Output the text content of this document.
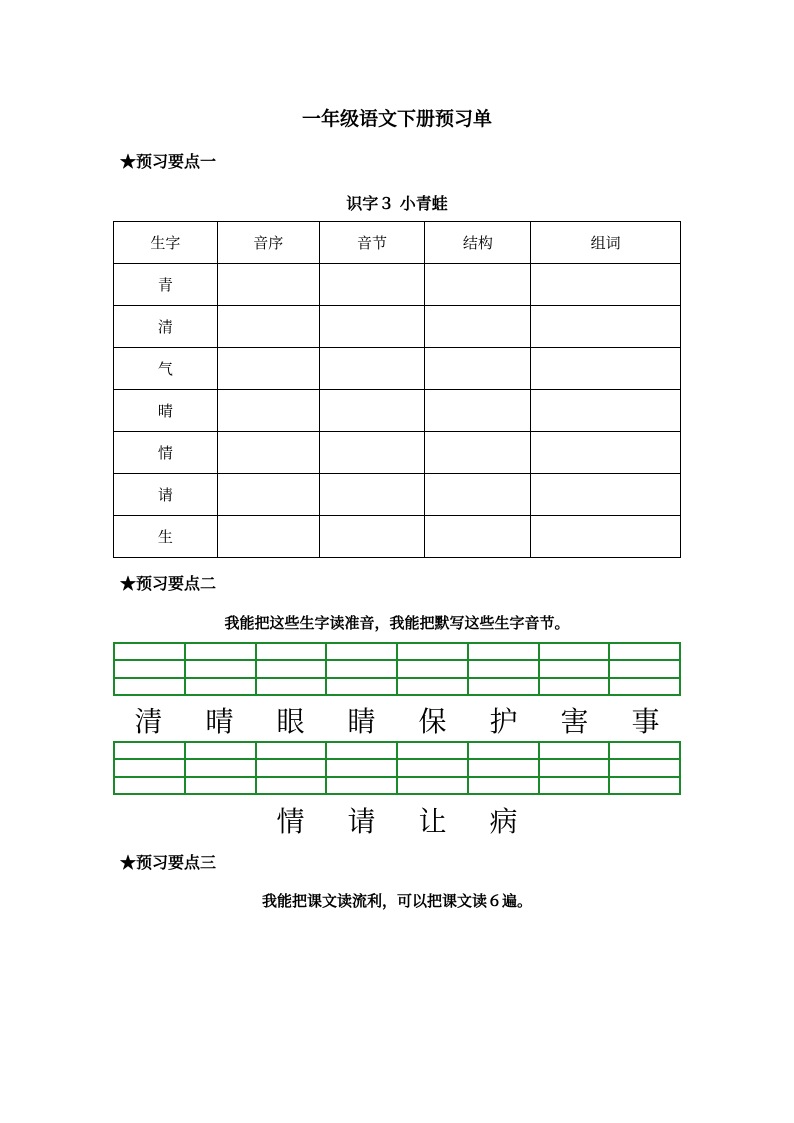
一年级语文下册预习单
★预习要点一
识字３ 小青蛙
生字	音序	音节	结构	组词
青				
清				
气				
晴				
情				
请				
生				
★预习要点二
我能把这些生字读准音，我能把默写这些生字音节。
清	晴	眼	睛	保	护	害	事
情	请	让	病
★预习要点三
我能把课文读流利，可以把课文读６遍。
